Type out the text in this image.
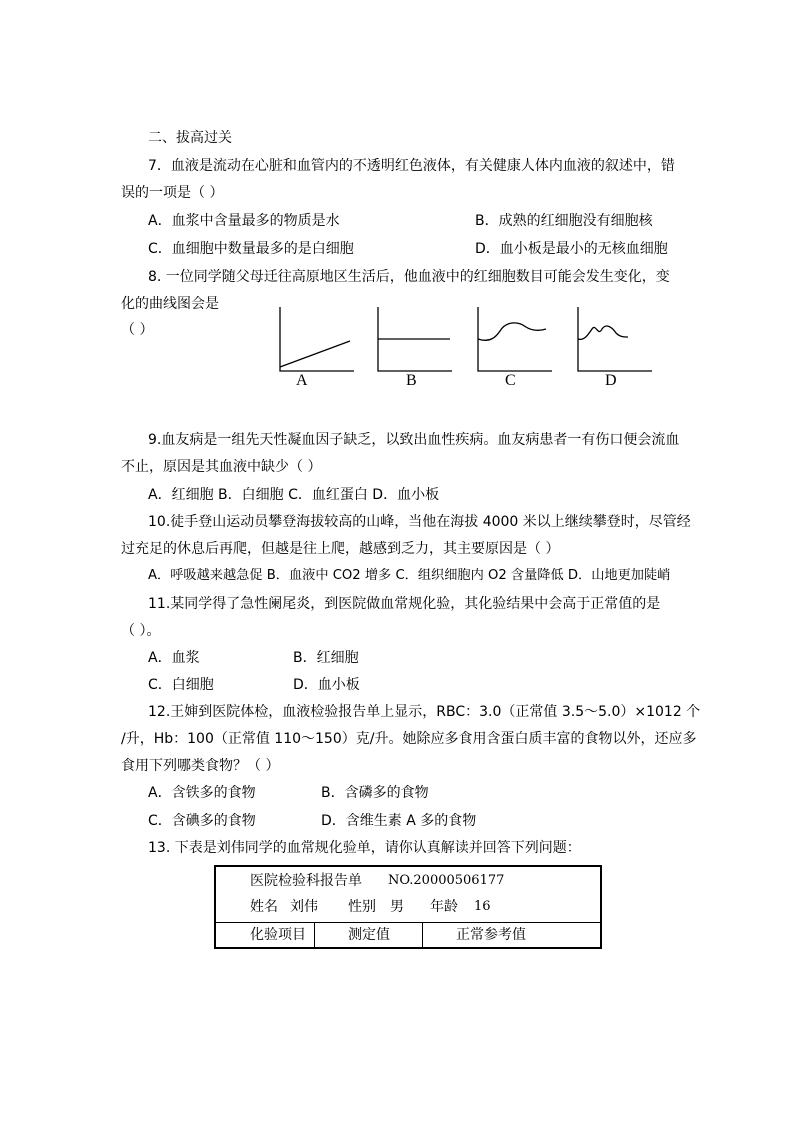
二、拔高过关
7．血液是流动在心脏和血管内的不透明红色液体，有关健康人体内血液的叙述中，错
误的一项是（ ）
A．血浆中含量最多的物质是水	B．成熟的红细胞没有细胞核
C．血细胞中数量最多的是白细胞	D．血小板是最小的无核血细胞
8. 一位同学随父母迁往高原地区生活后，他血液中的红细胞数目可能会发生变化，变
化的曲线图会是
（ ）
A	B	C	D
9.血友病是一组先天性凝血因子缺乏，以致出血性疾病。血友病患者一有伤口便会流血
不止，原因是其血液中缺少（ ）
A．红细胞 B．白细胞 C．血红蛋白 D．血小板
10.徒手登山运动员攀登海拔较高的山峰，当他在海拔 4000 米以上继续攀登时，尽管经
过充足的休息后再爬，但越是往上爬，越感到乏力，其主要原因是（ ）
A．呼吸越来越急促 B．血液中 CO2 增多 C．组织细胞内 O2 含量降低 D．山地更加陡峭
11.某同学得了急性阑尾炎，到医院做血常规化验，其化验结果中会高于正常值的是
（ ）。
A．血浆	B．红细胞
C．白细胞	D．血小板
12.王婶到医院体检，血液检验报告单上显示，RBC：3.0（正常值 3.5～5.0）×1012 个
/升，Hb：100（正常值 110～150）克/升。她除应多食用含蛋白质丰富的食物以外，还应多
食用下列哪类食物？（ ）
A．含铁多的食物	B．含磷多的食物
C．含碘多的食物	D．含维生素 A 多的食物
13. 下表是刘伟同学的血常规化验单，请你认真解读并回答下列问题：
医院检验科报告单 NO.20000506177
姓名 刘伟 性别 男 年龄 16
化验项目	测定值	正常参考值
